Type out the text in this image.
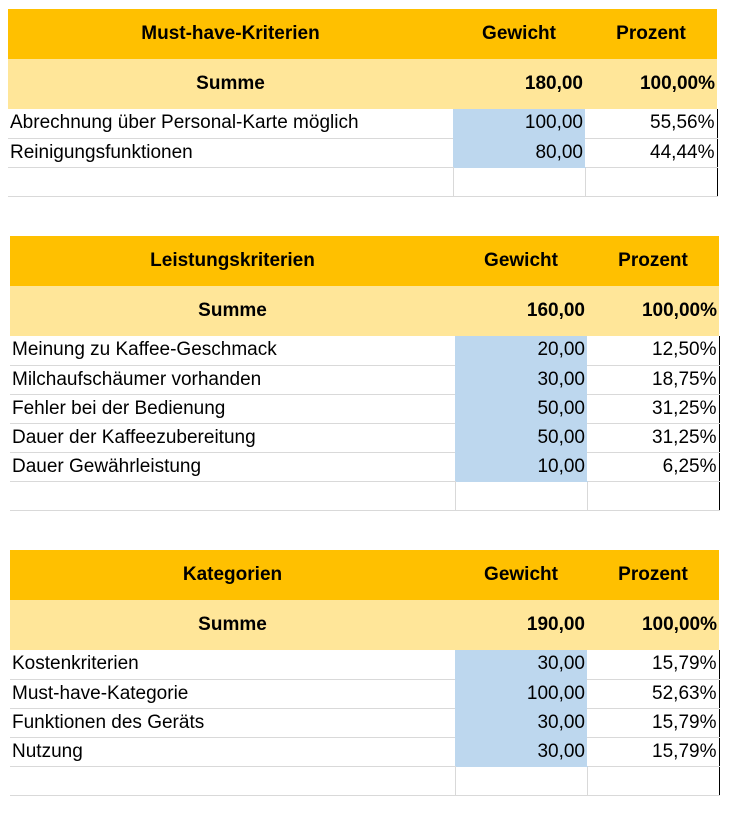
Must-have-Kriterien	Gewicht	Prozent
Summe	180,00	100,00%
Abrechnung über Personal-Karte möglich	100,00	55,56%
Reinigungsfunktionen	80,00	44,44%

Leistungskriterien	Gewicht	Prozent
Summe	160,00	100,00%
Meinung zu Kaffee-Geschmack	20,00	12,50%
Milchaufschäumer vorhanden	30,00	18,75%
Fehler bei der Bedienung	50,00	31,25%
Dauer der Kaffeezubereitung	50,00	31,25%
Dauer Gewährleistung	10,00	6,25%

Kategorien	Gewicht	Prozent
Summe	190,00	100,00%
Kostenkriterien	30,00	15,79%
Must-have-Kategorie	100,00	52,63%
Funktionen des Geräts	30,00	15,79%
Nutzung	30,00	15,79%
